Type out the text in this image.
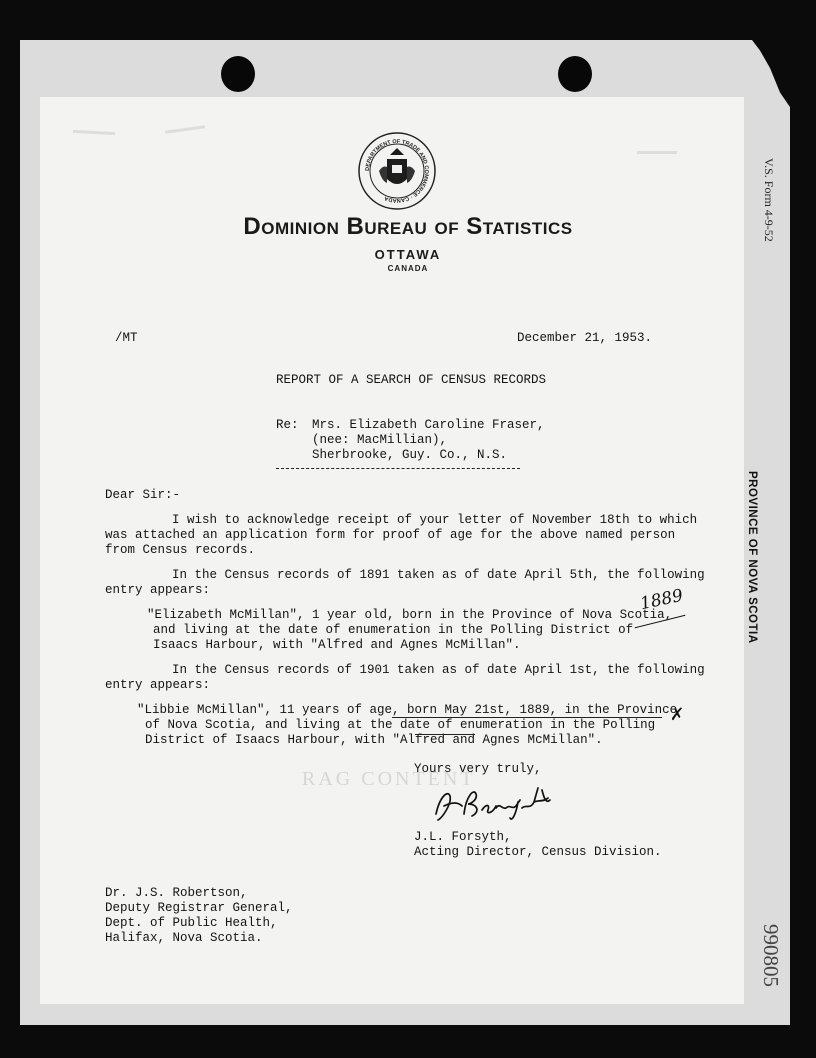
V.S. Form 4-9-52
PROVINCE OF NOVA SCOTIA
990805
RAG CONTENT
DEPARTMENT OF TRADE AND COMMERCE · CANADA
Dominion Bureau of Statistics
OTTAWA
CANADA
/MT	December 21, 1953.
REPORT OF A SEARCH OF CENSUS RECORDS
Re: Mrs. Elizabeth Caroline Fraser,
(nee: MacMillian),
Sherbrooke, Guy. Co., N.S.
Dear Sir:-
I wish to acknowledge receipt of your letter of November 18th to which
was attached an application form for proof of age for the above named person
from Census records.
In the Census records of 1891 taken as of date April 5th, the following
entry appears:
"Elizabeth McMillan", 1 year old, born in the Province of Nova Scotia,
and living at the date of enumeration in the Polling District of
Isaacs Harbour, with "Alfred and Agnes McMillan".
In the Census records of 1901 taken as of date April 1st, the following
entry appears:
"Libbie McMillan", 11 years of age, born May 21st, 1889, in the Province
of Nova Scotia, and living at the date of enumeration in the Polling
District of Isaacs Harbour, with "Alfred and Agnes McMillan".
1889
✗
Yours very truly,
J.L. Forsyth,
Acting Director, Census Division.
Dr. J.S. Robertson,
Deputy Registrar General,
Dept. of Public Health,
Halifax, Nova Scotia.
